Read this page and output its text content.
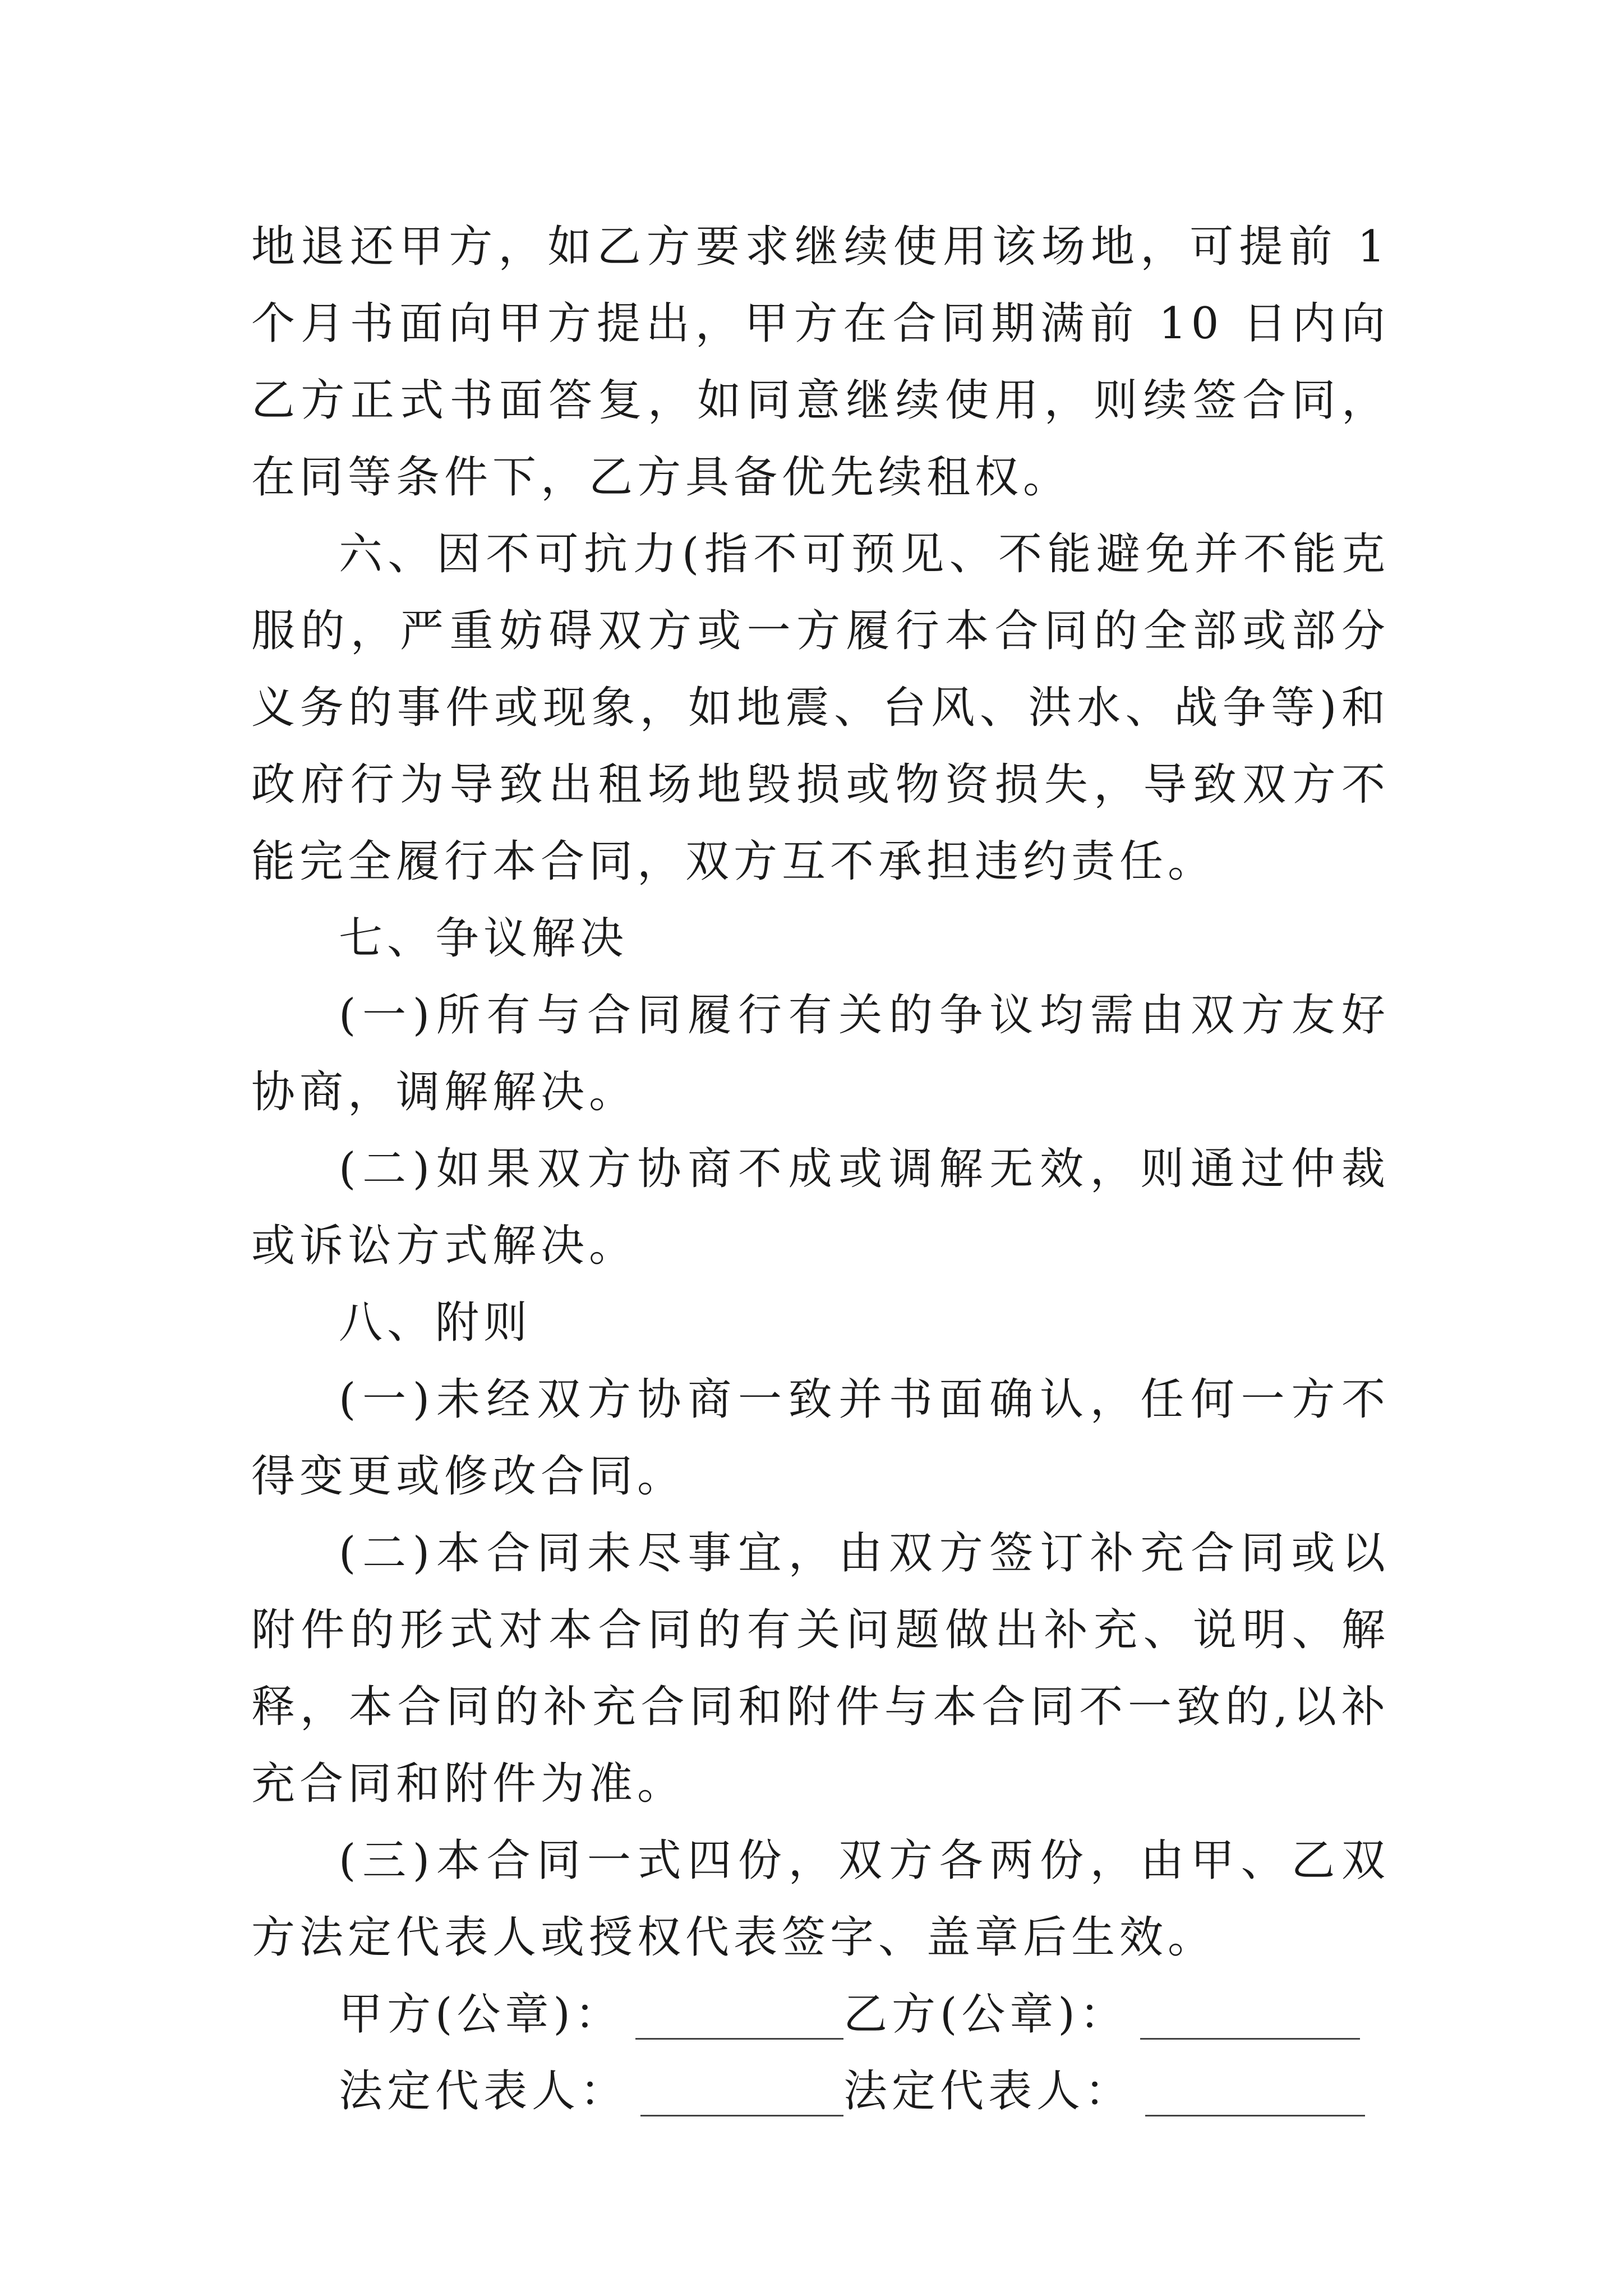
地退还甲方，如乙方要求继续使用该场地，可提前 1 个月书面向甲方提出，甲方在合同期满前 10 日内向乙方正式书面答复，如同意继续使用，则续签合同，在同等条件下，乙方具备优先续租权。

六、因不可抗力(指不可预见、不能避免并不能克服的，严重妨碍双方或一方履行本合同的全部或部分义务的事件或现象，如地震、台风、洪水、战争等)和政府行为导致出租场地毁损或物资损失，导致双方不能完全履行本合同，双方互不承担违约责任。

七、争议解决

(一)所有与合同履行有关的争议均需由双方友好协商，调解解决。

(二)如果双方协商不成或调解无效，则通过仲裁或诉讼方式解决。

八、附则

(一)未经双方协商一致并书面确认，任何一方不得变更或修改合同。

(二)本合同未尽事宜，由双方签订补充合同或以附件的形式对本合同的有关问题做出补充、说明、解释，本合同的补充合同和附件与本合同不一致的,以补充合同和附件为准。

(三)本合同一式四份，双方各两份，由甲、乙双方法定代表人或授权代表签字、盖章后生效。

甲方(公章)：	乙方(公章)：
法定代表人：	法定代表人：
